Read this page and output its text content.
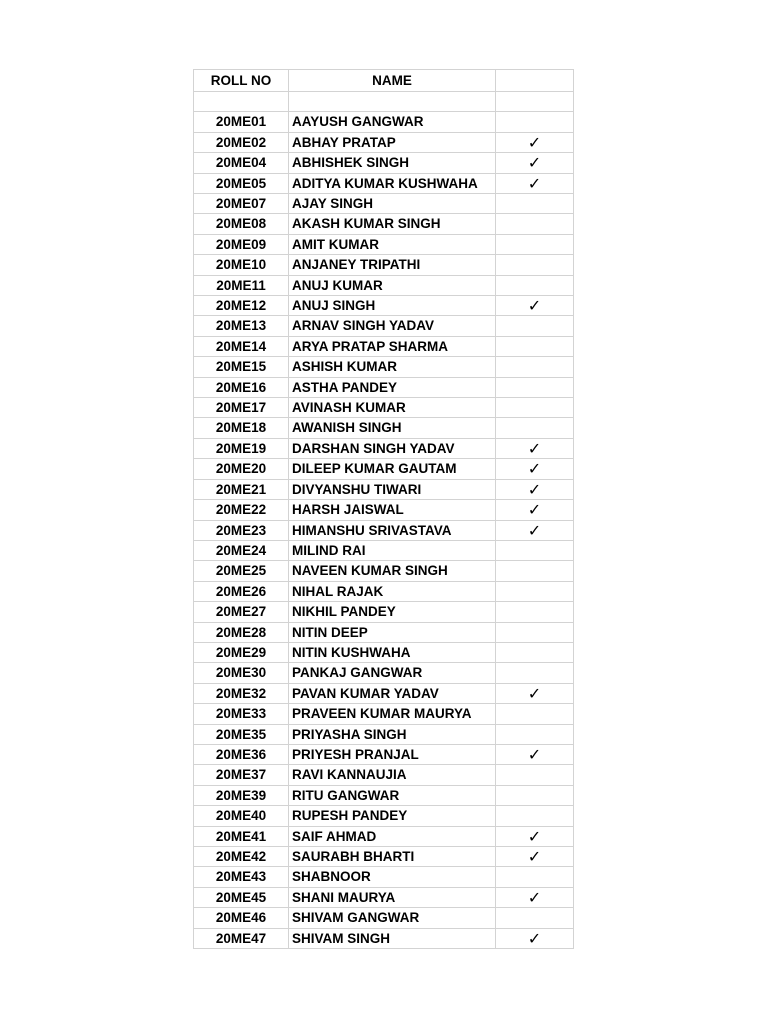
ROLL NO	NAME	

20ME01	AAYUSH GANGWAR	
20ME02	ABHAY PRATAP	✓
20ME04	ABHISHEK SINGH	✓
20ME05	ADITYA KUMAR KUSHWAHA	✓
20ME07	AJAY SINGH	
20ME08	AKASH KUMAR SINGH	
20ME09	AMIT KUMAR	
20ME10	ANJANEY TRIPATHI	
20ME11	ANUJ KUMAR	
20ME12	ANUJ SINGH	✓
20ME13	ARNAV SINGH YADAV	
20ME14	ARYA PRATAP SHARMA	
20ME15	ASHISH KUMAR	
20ME16	ASTHA PANDEY	
20ME17	AVINASH KUMAR	
20ME18	AWANISH SINGH	
20ME19	DARSHAN SINGH YADAV	✓
20ME20	DILEEP KUMAR GAUTAM	✓
20ME21	DIVYANSHU TIWARI	✓
20ME22	HARSH JAISWAL	✓
20ME23	HIMANSHU SRIVASTAVA	✓
20ME24	MILIND RAI	
20ME25	NAVEEN KUMAR SINGH	
20ME26	NIHAL RAJAK	
20ME27	NIKHIL PANDEY	
20ME28	NITIN DEEP	
20ME29	NITIN KUSHWAHA	
20ME30	PANKAJ GANGWAR	
20ME32	PAVAN KUMAR YADAV	✓
20ME33	PRAVEEN KUMAR MAURYA	
20ME35	PRIYASHA SINGH	
20ME36	PRIYESH PRANJAL	✓
20ME37	RAVI KANNAUJIA	
20ME39	RITU GANGWAR	
20ME40	RUPESH PANDEY	
20ME41	SAIF AHMAD	✓
20ME42	SAURABH BHARTI	✓
20ME43	SHABNOOR	
20ME45	SHANI MAURYA	✓
20ME46	SHIVAM GANGWAR	
20ME47	SHIVAM SINGH	✓
